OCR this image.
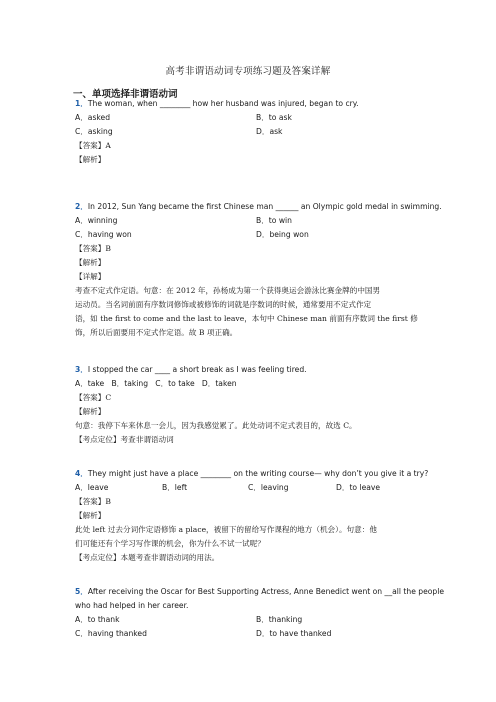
高考非谓语动词专项练习题及答案详解
一、单项选择非谓语动词
1．The woman, when ________ how her husband was injured, began to cry.
A．asked	B．to ask
C．asking	D．ask
【答案】A
【解析】
2．In 2012, Sun Yang became the first Chinese man ______ an Olympic gold medal in swimming.
A．winning	B．to win
C．having won	D．being won
【答案】B
【解析】
【详解】
考查不定式作定语。句意：在 2012 年，孙杨成为第一个获得奥运会游泳比赛金牌的中国男
运动员。当名词前面有序数词修饰或被修饰的词就是序数词的时候，通常要用不定式作定
语，如 the first to come and the last to leave，本句中 Chinese man 前面有序数词 the first 修
饰，所以后面要用不定式作定语。故 B 项正确。
3．I stopped the car ____ a short break as I was feeling tired.
A．take   B．taking   C．to take   D．taken
【答案】C
【解析】
句意：我停下车来休息一会儿，因为我感觉累了。此处动词不定式表目的，故选 C。
【考点定位】考查非谓语动词
4．They might just have a place ________ on the writing course— why don’t you give it a try?
A．leave	B．left	C．leaving	D．to leave
【答案】B
【解析】
此处 left 过去分词作定语修饰 a place，被留下的留给写作课程的地方（机会）。句意：他
们可能还有个学习写作课的机会，你为什么不试一试呢？
【考点定位】本题考查非谓语动词的用法。
5．After receiving the Oscar for Best Supporting Actress, Anne Benedict went on __all the people
who had helped in her career.
A．to thank	B．thanking
C．having thanked	D．to have thanked
